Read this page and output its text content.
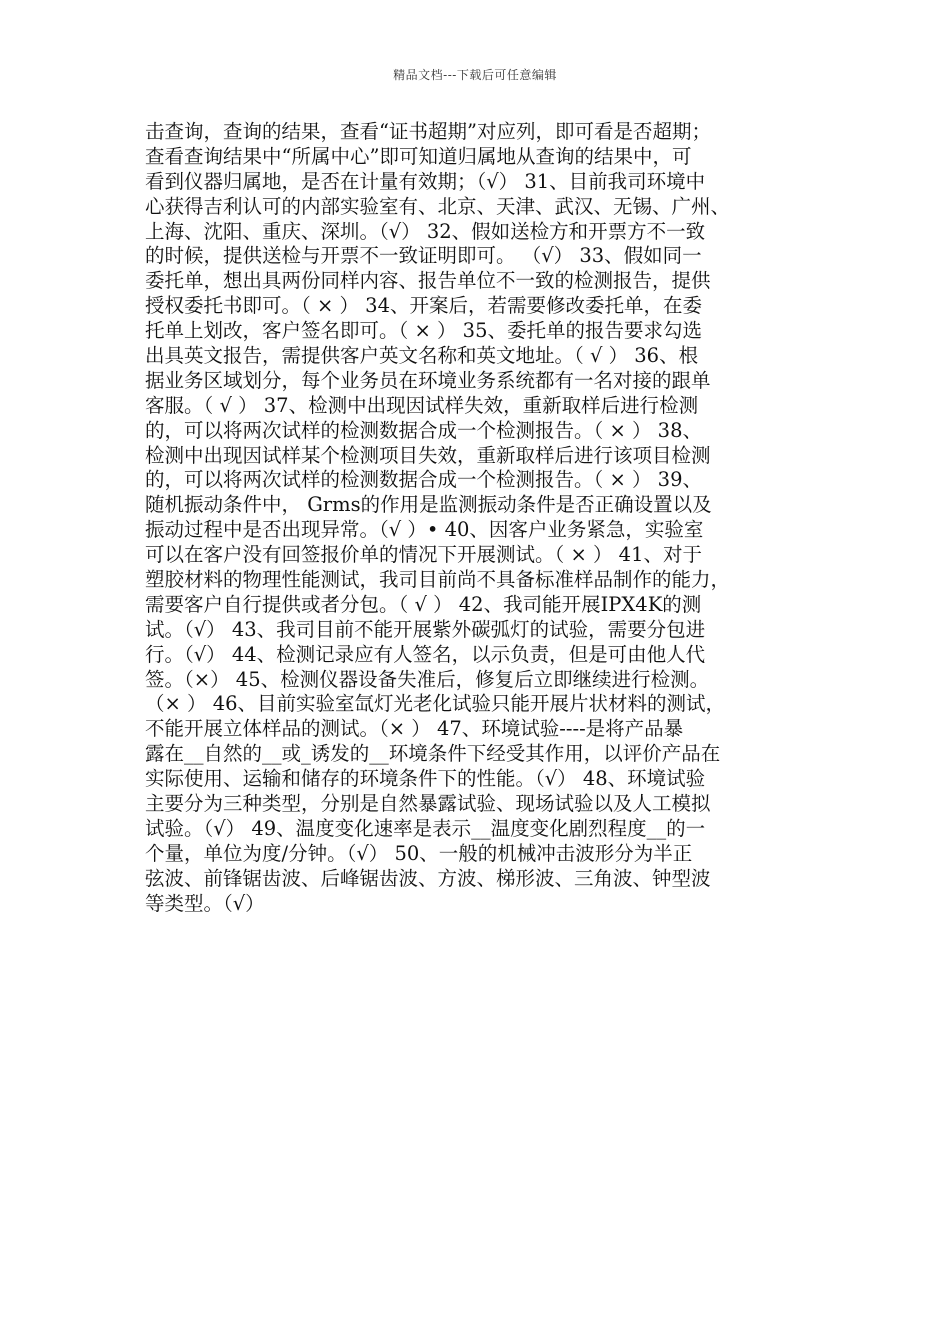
精品文档---下载后可任意编辑
击查询，查询的结果，查看“证书超期”对应列，即可看是否超期；
查看查询结果中“所属中心”即可知道归属地从查询的结果中，可
看到仪器归属地，是否在计量有效期；（√） 31、目前我司环境中
心获得吉利认可的内部实验室有、北京、天津、武汉、无锡、广州、
上海、沈阳、重庆、深圳。（√） 32、假如送检方和开票方不一致
的时候，提供送检与开票不一致证明即可。 （√） 33、假如同一
委托单，想出具两份同样内容、报告单位不一致的检测报告，提供
授权委托书即可。（ × ） 34、开案后，若需要修改委托单，在委
托单上划改，客户签名即可。（ × ） 35、委托单的报告要求勾选
出具英文报告，需提供客户英文名称和英文地址。（ √ ） 36、根
据业务区域划分，每个业务员在环境业务系统都有一名对接的跟单
客服。（ √ ） 37、检测中出现因试样失效，重新取样后进行检测
的，可以将两次试样的检测数据合成一个检测报告。（ × ） 38、
检测中出现因试样某个检测项目失效，重新取样后进行该项目检测
的，可以将两次试样的检测数据合成一个检测报告。（ × ） 39、
随机振动条件中， Grms的作用是监测振动条件是否正确设置以及
振动过程中是否出现异常。（√ ）• 40、因客户业务紧急，实验室
可以在客户没有回签报价单的情况下开展测试。（ × ） 41、对于
塑胶材料的物理性能测试，我司目前尚不具备标准样品制作的能力，
需要客户自行提供或者分包。（ √ ） 42、我司能开展IPX4K的测
试。（√） 43、我司目前不能开展紫外碳弧灯的试验，需要分包进
行。（√） 44、检测记录应有人签名，以示负责，但是可由他人代
签。（×） 45、检测仪器设备失准后，修复后立即继续进行检测。
（× ） 46、目前实验室氙灯光老化试验只能开展片状材料的测试，
不能开展立体样品的测试。（× ） 47、环境试验----是将产品暴
露在__自然的__或_诱发的__环境条件下经受其作用，以评价产品在
实际使用、运输和储存的环境条件下的性能。（√） 48、环境试验
主要分为三种类型，分别是自然暴露试验、现场试验以及人工模拟
试验。（√） 49、温度变化速率是表示__温度变化剧烈程度__的一
个量，单位为度/分钟。（√） 50、一般的机械冲击波形分为半正
弦波、前锋锯齿波、后峰锯齿波、方波、梯形波、三角波、钟型波
等类型。（√）
